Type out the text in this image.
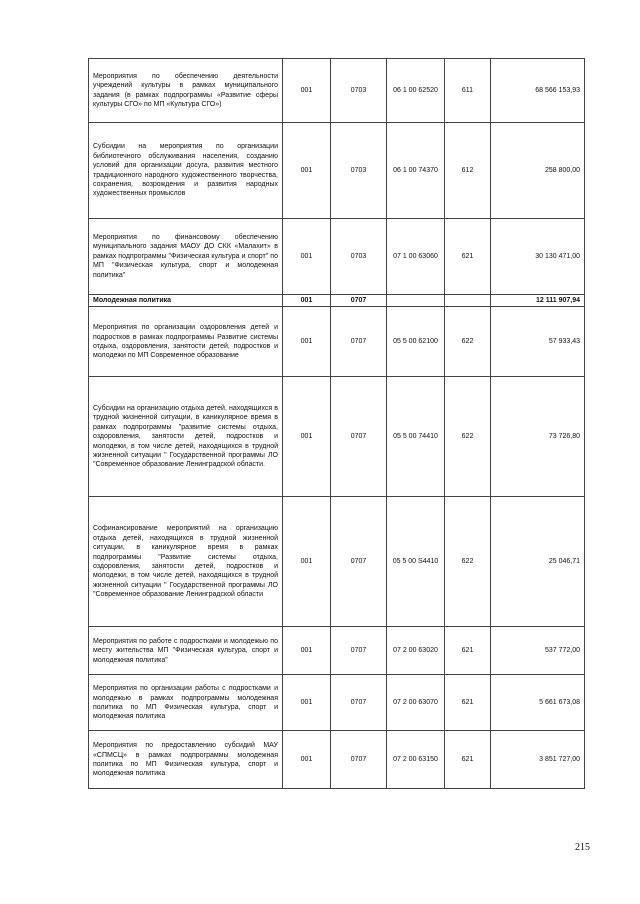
Мероприятия по обеспечению деятельности учреждений культуры в рамках муниципального задания (в рамках подпрограммы «Развитие сферы культуры СГО» по МП «Культура СГО»)	001	0703	06 1 00 62520	611	68 566 153,93
Субсидии на мероприятия по организации библиотечного обслуживания населения, созданию условий для организации досуга, развития местного традиционного народного художественного творчества, сохранения, возрождения и развития народных художественных промыслов	001	0703	06 1 00 74370	612	258 800,00
Мероприятия по финансовому обеспечению муниципального задания МАОУ ДО СКК «Малахит» в рамках подпрограммы "Физическая культура и спорт" по МП "Физическая культура, спорт и молодежная политика"	001	0703	07 1 00 63060	621	30 130 471,00
Молодежная политика	001	0707			12 111 907,94
Мероприятия по организации оздоровления детей и подростков в рамках подпрограммы Развитие системы отдыха, оздоровления, занятости детей, подростков и молодежи по МП Современное образование	001	0707	05 5 00 62100	622	57 933,43
Субсидии на организацию отдыха детей, находящихся в трудной жизненной ситуации, в каникулярное время в рамках подпрограммы "развитие системы отдыха, оздоровления, занятости детей, подростков и молодежи, в том числе детей, находящихся в трудной жизненной ситуации " Государственной программы ЛО "Современное образование Ленинградской области.	001	0707	05 5 00 74410	622	73 726,80
Софинансирование мероприятий на организацию отдыха детей, находящихся в трудной жизненной ситуации, в каникулярное время в рамках подпрограммы "Развитие системы отдыха, оздоровления, занятости детей, подростков и молодежи, в том числе детей, находящихся в трудной жизненной ситуации " Государственной программы ЛО "Современное образование Ленинградской области	001	0707	05 5 00 S4410	622	25 046,71
Мероприятия по работе с подростками и молодежью по месту жительства МП "Физическая культура, спорт и молодежная политика"	001	0707	07 2 00 63020	621	537 772,00
Мероприятия по организации работы с подростками и молодежью в рамках подпрограммы молодежная политика по МП Физическая культура, спорт и молодежная политика	001	0707	07 2 00 63070	621	5 661 673,08
Мероприятия по предоставлению субсидий МАУ «СПМСЦ» в рамках подпрограммы молодежная политика по МП Физическая культура, спорт и молодежная политика	001	0707	07 2 00 63150	621	3 851 727,00
215
